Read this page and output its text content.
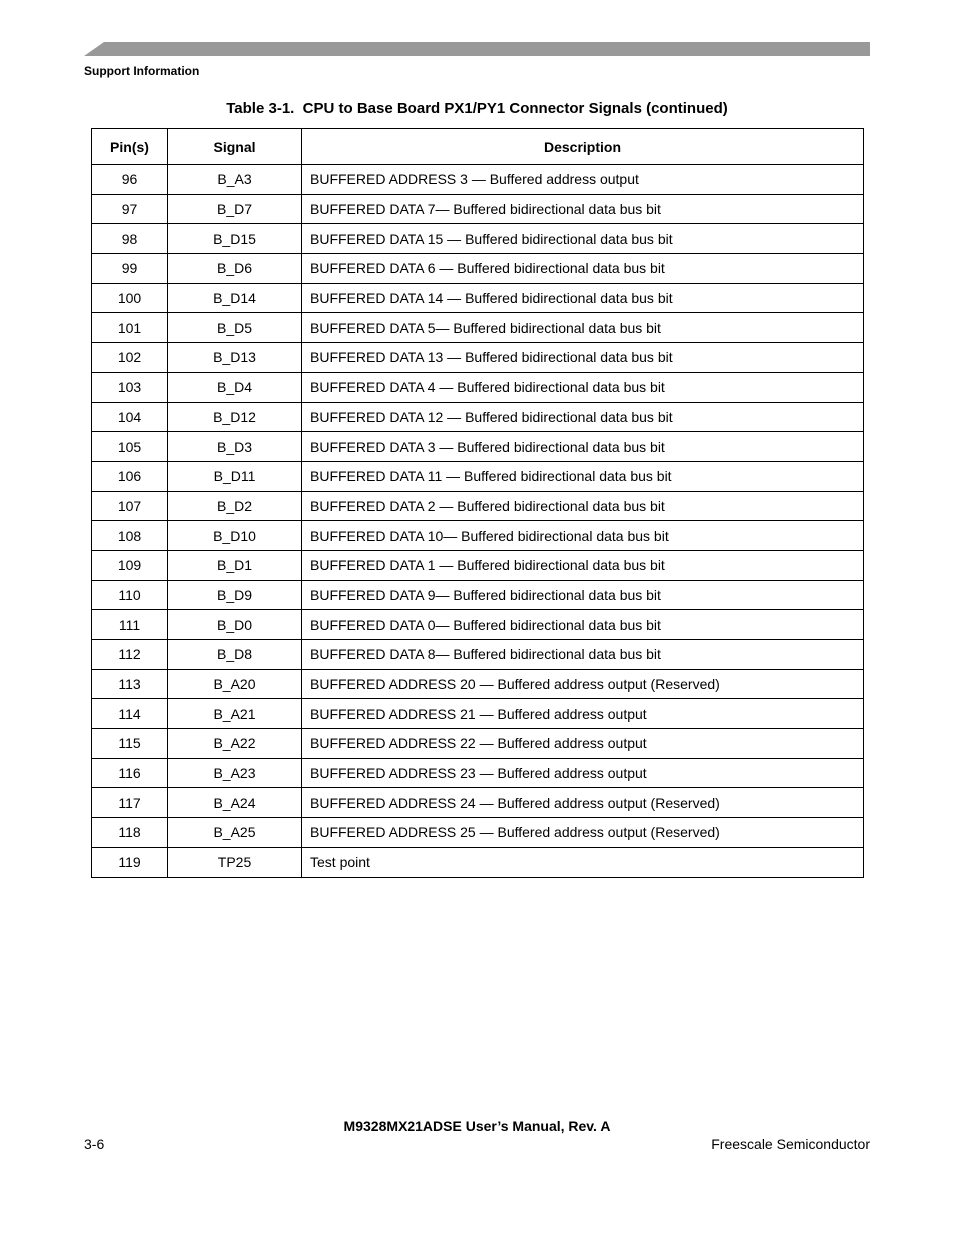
Support Information
Table 3-1.  CPU to Base Board PX1/PY1 Connector Signals (continued)
Pin(s)	Signal	Description
96	B_A3	BUFFERED ADDRESS 3 — Buffered address output
97	B_D7	BUFFERED DATA 7— Buffered bidirectional data bus bit
98	B_D15	BUFFERED DATA 15 — Buffered bidirectional data bus bit
99	B_D6	BUFFERED DATA 6 — Buffered bidirectional data bus bit
100	B_D14	BUFFERED DATA 14 — Buffered bidirectional data bus bit
101	B_D5	BUFFERED DATA 5— Buffered bidirectional data bus bit
102	B_D13	BUFFERED DATA 13 — Buffered bidirectional data bus bit
103	B_D4	BUFFERED DATA 4 — Buffered bidirectional data bus bit
104	B_D12	BUFFERED DATA 12 — Buffered bidirectional data bus bit
105	B_D3	BUFFERED DATA 3 — Buffered bidirectional data bus bit
106	B_D11	BUFFERED DATA 11 — Buffered bidirectional data bus bit
107	B_D2	BUFFERED DATA 2 — Buffered bidirectional data bus bit
108	B_D10	BUFFERED DATA 10— Buffered bidirectional data bus bit
109	B_D1	BUFFERED DATA 1 — Buffered bidirectional data bus bit
110	B_D9	BUFFERED DATA 9— Buffered bidirectional data bus bit
111	B_D0	BUFFERED DATA 0— Buffered bidirectional data bus bit
112	B_D8	BUFFERED DATA 8— Buffered bidirectional data bus bit
113	B_A20	BUFFERED ADDRESS 20 — Buffered address output (Reserved)
114	B_A21	BUFFERED ADDRESS 21 — Buffered address output
115	B_A22	BUFFERED ADDRESS 22 — Buffered address output
116	B_A23	BUFFERED ADDRESS 23 — Buffered address output
117	B_A24	BUFFERED ADDRESS 24 — Buffered address output (Reserved)
118	B_A25	BUFFERED ADDRESS 25 — Buffered address output (Reserved)
119	TP25	Test point
M9328MX21ADSE User’s Manual, Rev. A
3-6	Freescale Semiconductor
